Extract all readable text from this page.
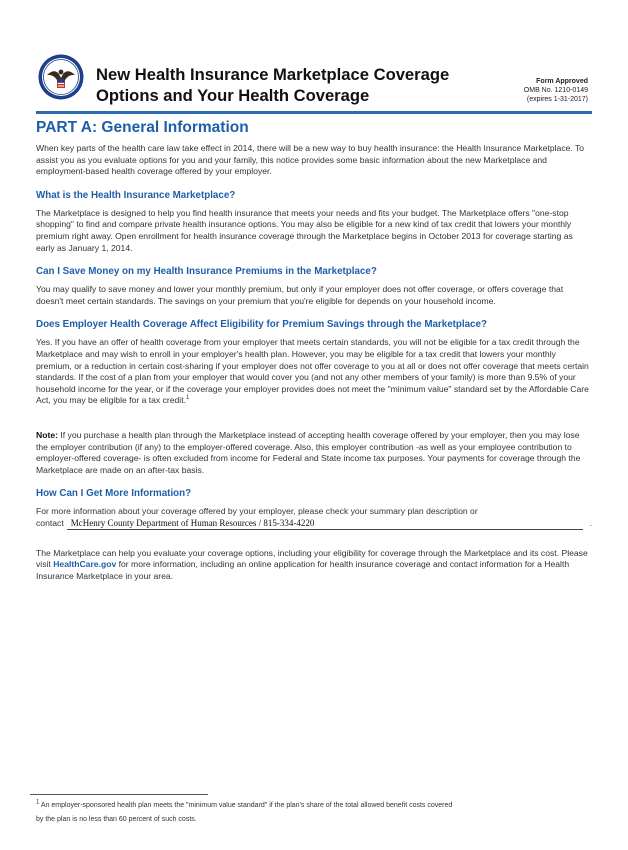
New Health Insurance Marketplace Coverage
Options and Your Health Coverage
Form Approved
OMB No. 1210-0149
(expires 1-31-2017)
PART A: General Information

When key parts of the health care law take effect in 2014, there will be a new way to buy health insurance: the Health Insurance Marketplace. To assist you as you evaluate options for you and your family, this notice provides some basic information about the new Marketplace and employment-based health coverage offered by your employer.

What is the Health Insurance Marketplace?

The Marketplace is designed to help you find health insurance that meets your needs and fits your budget. The Marketplace offers "one-stop shopping" to find and compare private health insurance options. You may also be eligible for a new kind of tax credit that lowers your monthly premium right away. Open enrollment for health insurance coverage through the Marketplace begins in October 2013 for coverage starting as early as January 1, 2014.

Can I Save Money on my Health Insurance Premiums in the Marketplace?

You may qualify to save money and lower your monthly premium, but only if your employer does not offer coverage, or offers coverage that doesn't meet certain standards. The savings on your premium that you're eligible for depends on your household income.

Does Employer Health Coverage Affect Eligibility for Premium Savings through the Marketplace?

Yes. If you have an offer of health coverage from your employer that meets certain standards, you will not be eligible for a tax credit through the Marketplace and may wish to enroll in your employer's health plan. However, you may be eligible for a tax credit that lowers your monthly premium, or a reduction in certain cost-sharing if your employer does not offer coverage to you at all or does not offer coverage that meets certain standards. If the cost of a plan from your employer that would cover you (and not any other members of your family) is more than 9.5% of your household income for the year, or if the coverage your employer provides does not meet the "minimum value" standard set by the Affordable Care Act, you may be eligible for a tax credit.$^1$

Note: If you purchase a health plan through the Marketplace instead of accepting health coverage offered by your employer, then you may lose the employer contribution (if any) to the employer-offered coverage. Also, this employer contribution -as well as your employee contribution to employer-offered coverage- is often excluded from income for Federal and State income tax purposes. Your payments for coverage through the Marketplace are made on an after-tax basis.

How Can I Get More Information?

For more information about your coverage offered by your employer, please check your summary plan description or

contact McHenry County Department of Human Resources / 815-334-4220	.

The Marketplace can help you evaluate your coverage options, including your eligibility for coverage through the Marketplace and its cost. Please visit HealthCare.gov for more information, including an online application for health insurance coverage and contact information for a Health Insurance Marketplace in your area.

$^1$ An employer-sponsored health plan meets the "minimum value standard" if the plan's share of the total allowed benefit costs covered

by the plan is no less than 60 percent of such costs.
